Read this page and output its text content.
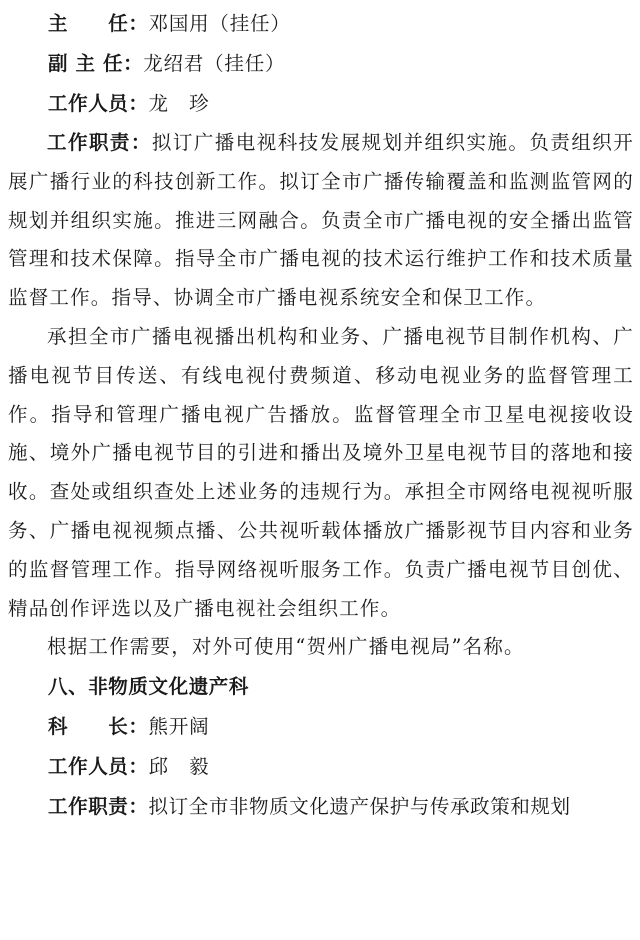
主　　任：邓国用（挂任）
副 主 任：龙绍君（挂任）
工作人员：龙　珍

工作职责：拟订广播电视科技发展规划并组织实施。负责组织开展广播行业的科技创新工作。拟订全市广播传输覆盖和监测监管网的规划并组织实施。推进三网融合。负责全市广播电视的安全播出监管管理和技术保障。指导全市广播电视的技术运行维护工作和技术质量监督工作。指导、协调全市广播电视系统安全和保卫工作。

承担全市广播电视播出机构和业务、广播电视节目制作机构、广播电视节目传送、有线电视付费频道、移动电视业务的监督管理工作。指导和管理广播电视广告播放。监督管理全市卫星电视接收设施、境外广播电视节目的引进和播出及境外卫星电视节目的落地和接收。查处或组织查处上述业务的违规行为。承担全市网络电视视听服务、广播电视视频点播、公共视听载体播放广播影视节目内容和业务的监督管理工作。指导网络视听服务工作。负责广播电视节目创优、精品创作评选以及广播电视社会组织工作。

根据工作需要，对外可使用“贺州广播电视局”名称。

八、非物质文化遗产科
科　　长：熊开阔
工作人员：邱　毅
工作职责：拟订全市非物质文化遗产保护与传承政策和规划
